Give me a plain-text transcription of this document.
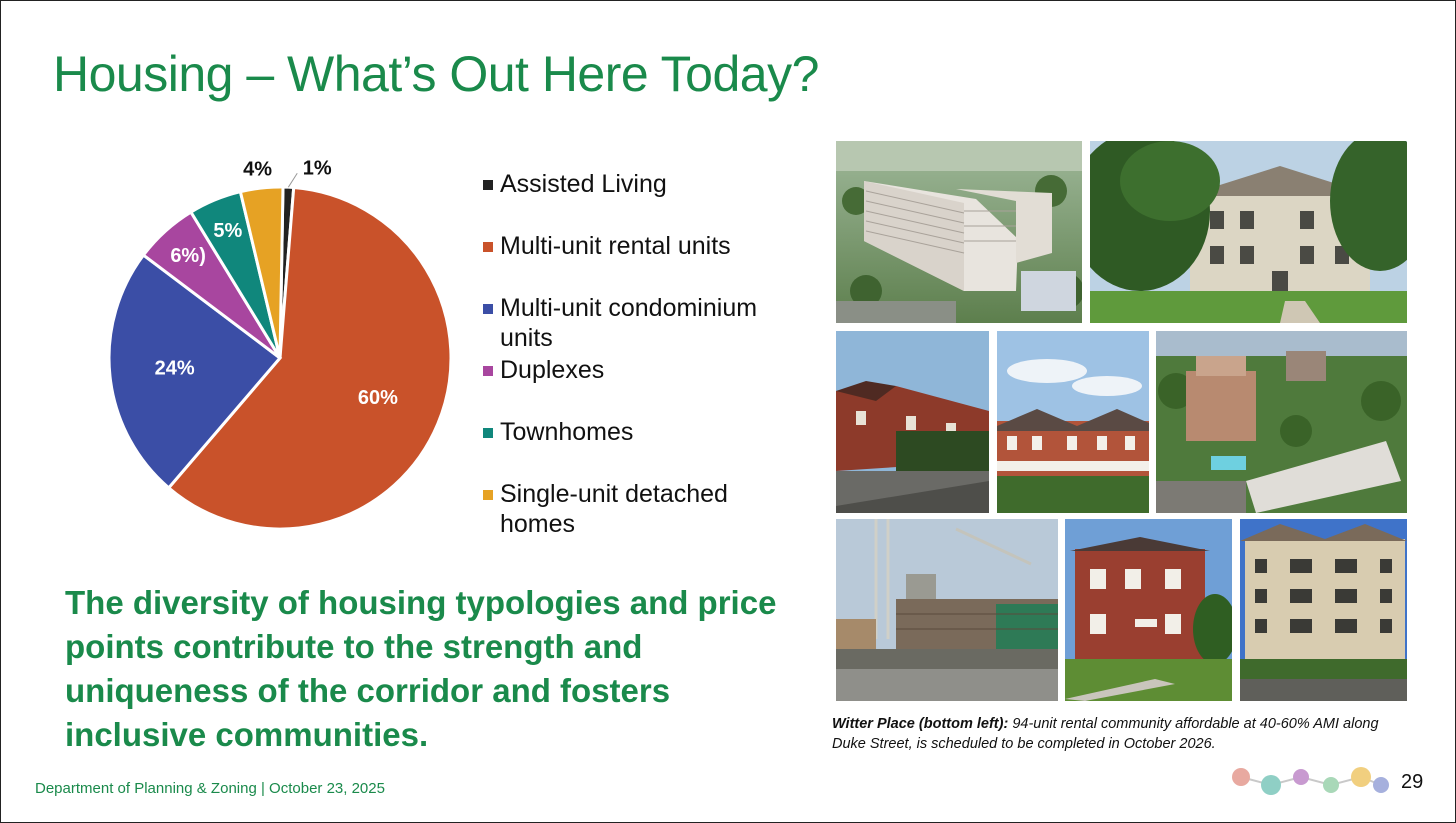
Housing – What’s Out Here Today?
1%
60%
24%
6%)
5%
4%
Assisted Living
Multi-unit rental units
Multi-unit condominium units
Duplexes
Townhomes
Single-unit detached homes
The diversity of housing typologies and price points contribute to the strength and uniqueness of the corridor and fosters inclusive communities.	Witter Place (bottom left): 94-unit rental community affordable at 40-60% AMI along Duke Street, is scheduled to be completed in October 2026.
Department of Planning & Zoning | October 23, 2025	29
